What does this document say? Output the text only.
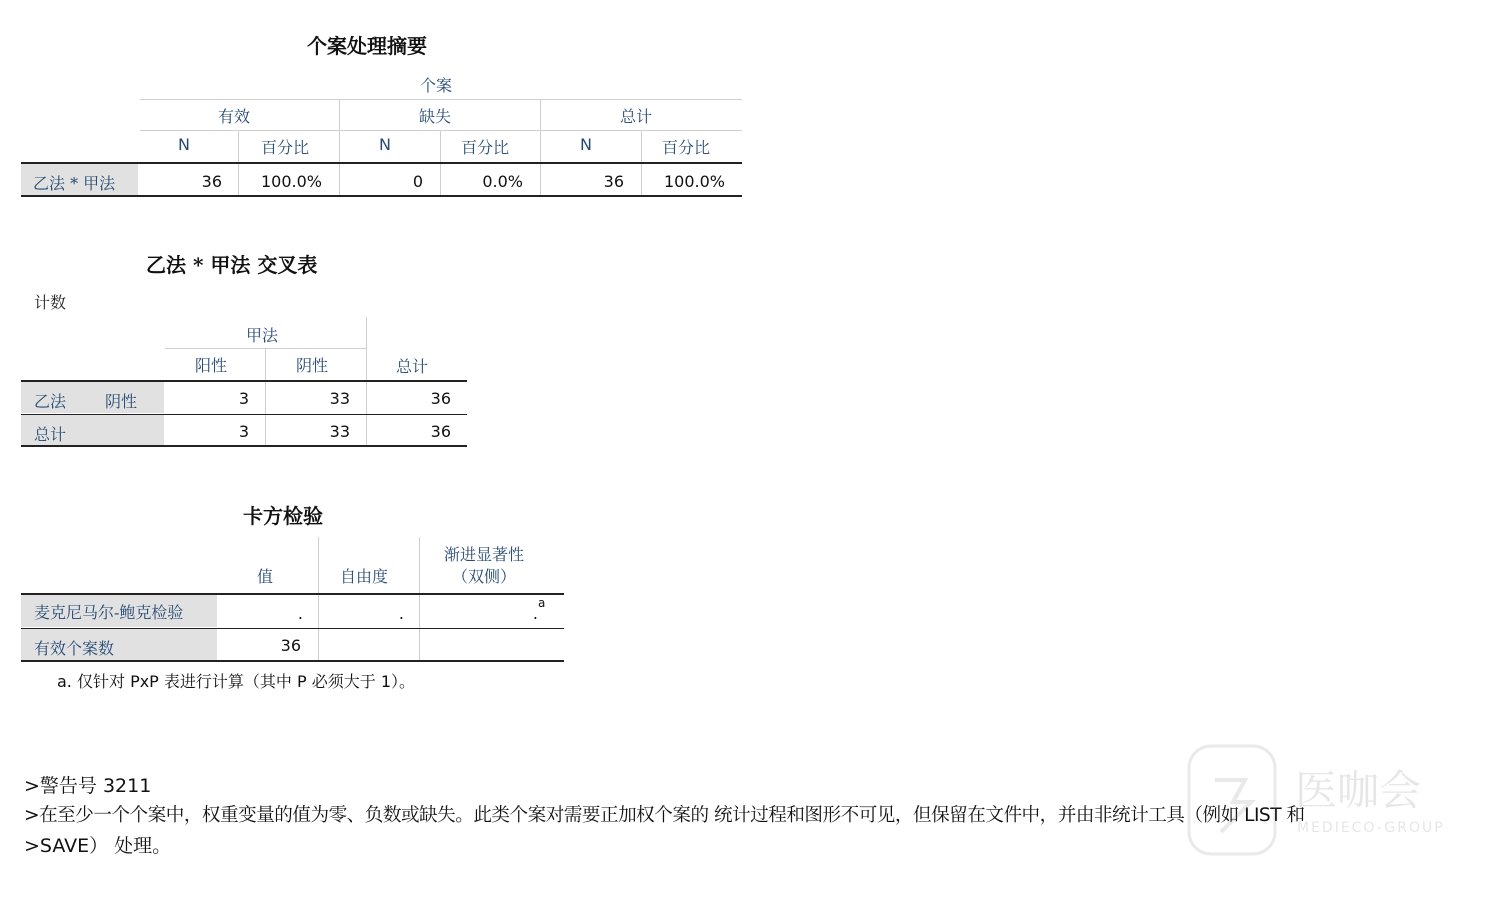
个案处理摘要
个案
有效	缺失	总计
N	百分比	N	百分比	N	百分比
乙法 * 甲法	36	100.0%	0	0.0%	36	100.0%
乙法 * 甲法 交叉表
计数
甲法
阳性	阴性	总计
乙法 阴性	3	33	36
总计	3	33	36
卡方检验
值	自由度
渐进显著性
（双侧）
麦克尼马尔-鲍克检验	.	.	.
a
有效个案数	36
a. 仅针对 PxP 表进行计算（其中 P 必须大于 1）。
>警告号 3211
>在至少一个个案中，权重变量的值为零、负数或缺失。此类个案对需要正加权个案的 统计过程和图形不可见，但保留在文件中，并由非统计工具（例如 LIST 和
>SAVE） 处理。
医咖会
MEDIECO-GROUP
